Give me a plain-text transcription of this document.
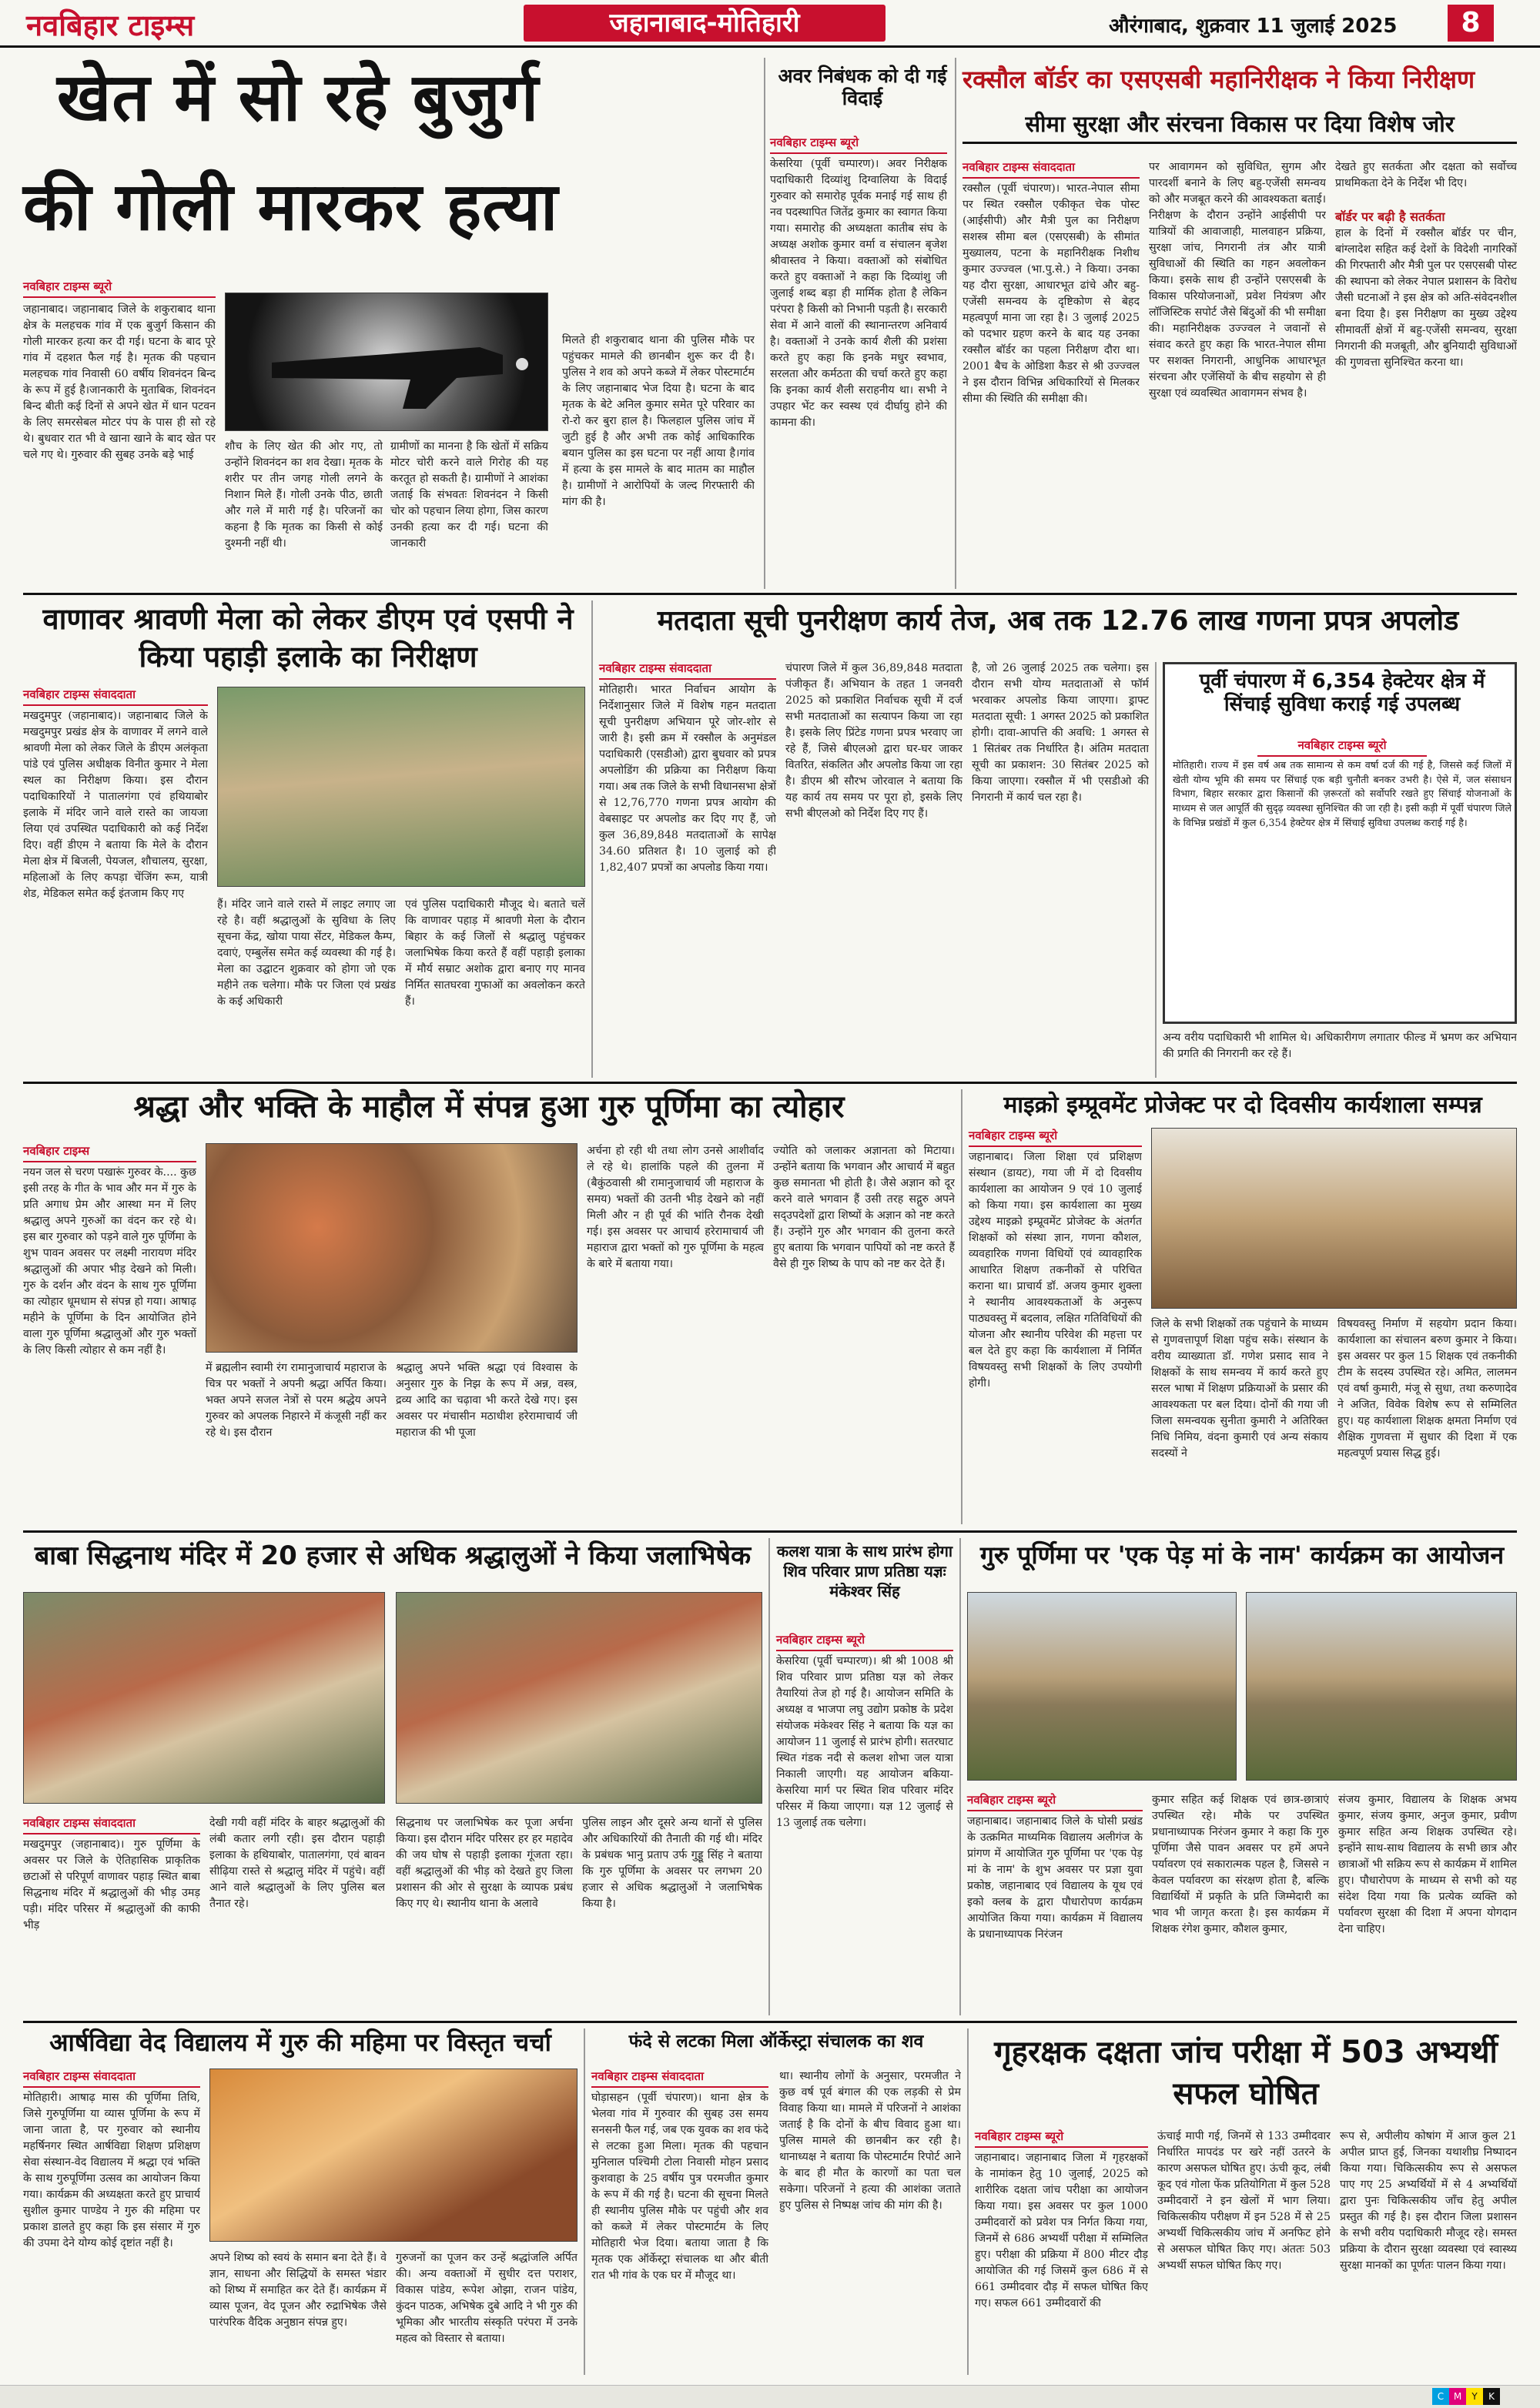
नवबिहार टाइम्स	जहानाबाद-मोतिहारी	औरंगाबाद, शुक्रवार 11 जुलाई 2025	8
खेत में सो रहे बुजुर्ग
की गोली मारकर हत्या
नवबिहार टाइम्स ब्यूरो
जहानाबाद। जहानाबाद जिले के शकुराबाद थाना क्षेत्र के मलहचक गांव में एक बुजुर्ग किसान की गोली मारकर हत्या कर दी गई। घटना के बाद पूरे गांव में दहशत फैल गई है। मृतक की पहचान मलहचक गांव निवासी 60 वर्षीय शिवनंदन बिन्द के रूप में हुई है।जानकारी के मुताबिक, शिवनंदन बिन्द बीती कई दिनों से अपने खेत में धान पटवन के लिए समरसेबल मोटर पंप के पास ही सो रहे थे। बुधवार रात भी वे खाना खाने के बाद खेत पर चले गए थे। गुरुवार की सुबह उनके बड़े भाई
शौच के लिए खेत की ओर गए, तो उन्होंने शिवनंदन का शव देखा। मृतक के शरीर पर तीन जगह गोली लगने के निशान मिले हैं। गोली उनके पीठ, छाती और गले में मारी गई है। परिजनों का कहना है कि मृतक का किसी से कोई दुश्मनी नहीं थी।
ग्रामीणों का मानना है कि खेतों में सक्रिय मोटर चोरी करने वाले गिरोह की यह करतूत हो सकती है। ग्रामीणों ने आशंका जताई कि संभवतः शिवनंदन ने किसी चोर को पहचान लिया होगा, जिस कारण उनकी हत्या कर दी गई। घटना की जानकारी
मिलते ही शकुराबाद थाना की पुलिस मौके पर पहुंचकर मामले की छानबीन शुरू कर दी है। पुलिस ने शव को अपने कब्जे में लेकर पोस्टमार्टम के लिए जहानाबाद भेज दिया है। घटना के बाद मृतक के बेटे अनिल कुमार समेत पूरे परिवार का रो-रो कर बुरा हाल है। फिलहाल पुलिस जांच में जुटी हुई है और अभी तक कोई आधिकारिक बयान पुलिस का इस घटना पर नहीं आया है।गांव में हत्या के इस मामले के बाद मातम का माहौल है। ग्रामीणों ने आरोपियों के जल्द गिरफ्तारी की मांग की है।
अवर निबंधक को दी गई विदाई
नवबिहार टाइम्स ब्यूरो
केसरिया (पूर्वी चम्पारण)। अवर निरीक्षक पदाधिकारी दिव्यांशु दिग्वालिया के विदाई गुरुवार को समारोह पूर्वक मनाई गई साथ ही नव पदस्थापित जितेंद्र कुमार का स्वागत किया गया। समारोह की अध्यक्षता कातीब संघ के अध्यक्ष अशोक कुमार वर्मा व संचालन बृजेश श्रीवास्तव ने किया। वक्ताओं को संबोधित करते हुए वक्ताओं ने कहा कि दिव्यांशु जी जुलाई शब्द बड़ा ही मार्मिक होता है लेकिन परंपरा है किसी को निभानी पड़ती है। सरकारी सेवा में आने वालों की स्थानान्तरण अनिवार्य है। वक्ताओं ने उनके कार्य शैली की प्रशंसा करते हुए कहा कि इनके मधुर स्वभाव, सरलता और कर्मठता की चर्चा करते हुए कहा कि इनका कार्य शैली सराहनीय था। सभी ने उपहार भेंट कर स्वस्थ एवं दीर्घायु होने की कामना की।
रक्सौल बॉर्डर का एसएसबी महानिरीक्षक ने किया निरीक्षण
सीमा सुरक्षा और संरचना विकास पर दिया विशेष जोर
नवबिहार टाइम्स संवाददाता
रक्सौल (पूर्वी चंपारण)। भारत-नेपाल सीमा पर स्थित रक्सौल एकीकृत चेक पोस्ट (आईसीपी) और मैत्री पुल का निरीक्षण सशस्त्र सीमा बल (एसएसबी) के सीमांत मुख्यालय, पटना के महानिरीक्षक निशीथ कुमार उज्ज्वल (भा.पु.से.) ने किया। उनका यह दौरा सुरक्षा, आधारभूत ढांचे और बहु-एजेंसी समन्वय के दृष्टिकोण से बेहद महत्वपूर्ण माना जा रहा है। 3 जुलाई 2025 को पदभार ग्रहण करने के बाद यह उनका रक्सौल बॉर्डर का पहला निरीक्षण दौरा था। 2001 बैच के ओडिशा कैडर से श्री उज्ज्वल ने इस दौरान विभिन्न अधिकारियों से मिलकर सीमा की स्थिति की समीक्षा की।
पर आवागमन को सुविधित, सुगम और पारदर्शी बनाने के लिए बहु-एजेंसी समन्वय को और मजबूत करने की आवश्यकता बताई। निरीक्षण के दौरान उन्होंने आईसीपी पर यात्रियों की आवाजाही, मालवाहन प्रक्रिया, सुरक्षा जांच, निगरानी तंत्र और यात्री सुविधाओं की स्थिति का गहन अवलोकन किया। इसके साथ ही उन्होंने एसएसबी के विकास परियोजनाओं, प्रवेश नियंत्रण और लॉजिस्टिक सपोर्ट जैसे बिंदुओं की भी समीक्षा की। महानिरीक्षक उज्ज्वल ने जवानों से संवाद करते हुए कहा कि भारत-नेपाल सीमा पर सशक्त निगरानी, आधुनिक आधारभूत संरचना और एजेंसियों के बीच सहयोग से ही सुरक्षा एवं व्यवस्थित आवागमन संभव है।
देखते हुए सतर्कता और दक्षता को सर्वोच्च प्राथमिकता देने के निर्देश भी दिए।
बॉर्डर पर बढ़ी है सतर्कता
हाल के दिनों में रक्सौल बॉर्डर पर चीन, बांग्लादेश सहित कई देशों के विदेशी नागरिकों की गिरफ्तारी और मैत्री पुल पर एसएसबी पोस्ट की स्थापना को लेकर नेपाल प्रशासन के विरोध जैसी घटनाओं ने इस क्षेत्र को अति-संवेदनशील बना दिया है। इस निरीक्षण का मुख्य उद्देश्य सीमावर्ती क्षेत्रों में बहु-एजेंसी समन्वय, सुरक्षा निगरानी की मजबूती, और बुनियादी सुविधाओं की गुणवत्ता सुनिश्चित करना था।
वाणावर श्रावणी मेला को लेकर डीएम एवं एसपी ने किया पहाड़ी इलाके का निरीक्षण
नवबिहार टाइम्स संवाददाता
मखदुमपुर (जहानाबाद)। जहानाबाद जिले के मखदुमपुर प्रखंड क्षेत्र के वाणावर में लगने वाले श्रावणी मेला को लेकर जिले के डीएम अलंकृता पांडे एवं पुलिस अधीक्षक विनीत कुमार ने मेला स्थल का निरीक्षण किया। इस दौरान पदाधिकारियों ने पातालगंगा एवं हथियाबोर इलाके में मंदिर जाने वाले रास्ते का जायजा लिया एवं उपस्थित पदाधिकारी को कई निर्देश दिए। वहीं डीएम ने बताया कि मेले के दौरान मेला क्षेत्र में बिजली, पेयजल, शौचालय, सुरक्षा, महिलाओं के लिए कपड़ा चेंजिंग रूम, यात्री शेड, मेडिकल समेत कई इंतजाम किए गए
हैं। मंदिर जाने वाले रास्ते में लाइट लगाए जा रहे है। वहीं श्रद्धालुओं के सुविधा के लिए सूचना केंद्र, खोया पाया सेंटर, मेडिकल कैम्प, दवाएं, एम्बुलेंस समेत कई व्यवस्था की गई है। मेला का उद्घाटन शुक्रवार को होगा जो एक महीने तक चलेगा। मौके पर जिला एवं प्रखंड के कई अधिकारी
एवं पुलिस पदाधिकारी मौजूद थे। बताते चलें कि वाणावर पहाड़ में श्रावणी मेला के दौरान बिहार के कई जिलों से श्रद्धालु पहुंचकर जलाभिषेक किया करते हैं वहीं पहाड़ी इलाका में मौर्य सम्राट अशोक द्वारा बनाए गए मानव निर्मित सातघरवा गुफाओं का अवलोकन करते हैं।
मतदाता सूची पुनरीक्षण कार्य तेज, अब तक 12.76 लाख गणना प्रपत्र अपलोड
नवबिहार टाइम्स संवाददाता
मोतिहारी। भारत निर्वाचन आयोग के निर्देशानुसार जिले में विशेष गहन मतदाता सूची पुनरीक्षण अभियान पूरे जोर-शोर से जारी है। इसी क्रम में रक्सौल के अनुमंडल पदाधिकारी (एसडीओ) द्वारा बुधवार को प्रपत्र अपलोडिंग की प्रक्रिया का निरीक्षण किया गया। अब तक जिले के सभी विधानसभा क्षेत्रों से 12,76,770 गणना प्रपत्र आयोग की वेबसाइट पर अपलोड कर दिए गए हैं, जो कुल 36,89,848 मतदाताओं के सापेक्ष 34.60 प्रतिशत है। 10 जुलाई को ही 1,82,407 प्रपत्रों का अपलोड किया गया।
चंपारण जिले में कुल 36,89,848 मतदाता पंजीकृत हैं। अभियान के तहत 1 जनवरी 2025 को प्रकाशित निर्वाचक सूची में दर्ज सभी मतदाताओं का सत्यापन किया जा रहा है। इसके लिए प्रिंटेड गणना प्रपत्र भरवाए जा रहे हैं, जिसे बीएलओ द्वारा घर-घर जाकर वितरित, संकलित और अपलोड किया जा रहा है। डीएम श्री सौरभ जोरवाल ने बताया कि यह कार्य तय समय पर पूरा हो, इसके लिए सभी बीएलओ को निर्देश दिए गए हैं।
है, जो 26 जुलाई 2025 तक चलेगा। इस दौरान सभी योग्य मतदाताओं से फॉर्म भरवाकर अपलोड किया जाएगा। ड्राफ्ट मतदाता सूची: 1 अगस्त 2025 को प्रकाशित होगी। दावा-आपत्ति की अवधि: 1 अगस्त से 1 सितंबर तक निर्धारित है। अंतिम मतदाता सूची का प्रकाशन: 30 सितंबर 2025 को किया जाएगा। रक्सौल में भी एसडीओ की निगरानी में कार्य चल रहा है।
पूर्वी चंपारण में 6,354 हेक्टेयर क्षेत्र में सिंचाई सुविधा कराई गई उपलब्ध
नवबिहार टाइम्स ब्यूरो
मोतिहारी। राज्य में इस वर्ष अब तक सामान्य से कम वर्षा दर्ज की गई है, जिससे कई जिलों में खेती योग्य भूमि की समय पर सिंचाई एक बड़ी चुनौती बनकर उभरी है। ऐसे में, जल संसाधन विभाग, बिहार सरकार द्वारा किसानों की ज़रूरतों को सर्वोपरि रखते हुए सिंचाई योजनाओं के माध्यम से जल आपूर्ति की सुदृढ़ व्यवस्था सुनिश्चित की जा रही है। इसी कड़ी में पूर्वी चंपारण जिले के विभिन्न प्रखंडों में कुल 6,354 हेक्टेयर क्षेत्र में सिंचाई सुविधा उपलब्ध कराई गई है।
अन्य वरीय पदाधिकारी भी शामिल थे। अधिकारीगण लगातार फील्ड में भ्रमण कर अभियान की प्रगति की निगरानी कर रहे हैं।
श्रद्धा और भक्ति के माहौल में संपन्न हुआ गुरु पूर्णिमा का त्योहार
नवबिहार टाइम्स
नयन जल से चरण पखारूं गुरुवर के.... कुछ इसी तरह के गीत के भाव और मन में गुरु के प्रति अगाध प्रेम और आस्था मन में लिए श्रद्धालु अपने गुरुओं का वंदन कर रहे थे। इस बार गुरुवार को पड़ने वाले गुरु पूर्णिमा के शुभ पावन अवसर पर लक्ष्मी नारायण मंदिर श्रद्धालुओं की अपार भीड़ देखने को मिली। गुरु के दर्शन और वंदन के साथ गुरु पूर्णिमा का त्योहार धूमधाम से संपन्न हो गया। आषाढ़ महीने के पूर्णिमा के दिन आयोजित होने वाला गुरु पूर्णिमा श्रद्धालुओं और गुरु भक्तों के लिए किसी त्योहार से कम नहीं है।
में ब्रह्मलीन स्वामी रंग रामानुजाचार्य महाराज के चित्र पर भक्तों ने अपनी श्रद्धा अर्पित किया। भक्त अपने सजल नेत्रों से परम श्रद्धेय अपने गुरुवर को अपलक निहारने में कंजूसी नहीं कर रहे थे। इस दौरान
श्रद्धालु अपने भक्ति श्रद्धा एवं विश्वास के अनुसार गुरु के निझ के रूप में अन्न, वस्त्र, द्रव्य आदि का चढ़ावा भी करते देखे गए। इस अवसर पर मंचासीन मठाधीश हरेरामाचार्य जी महाराज की भी पूजा
अर्चना हो रही थी तथा लोग उनसे आशीर्वाद ले रहे थे। हालांकि पहले की तुलना में (बैकुंठवासी श्री रामानुजाचार्य जी महाराज के समय) भक्तों की उतनी भीड़ देखने को नहीं मिली और न ही पूर्व की भांति रौनक देखी गई। इस अवसर पर आचार्य हरेरामाचार्य जी महाराज द्वारा भक्तों को गुरु पूर्णिमा के महत्व के बारे में बताया गया।
ज्योति को जलाकर अज्ञानता को मिटाया। उन्होंने बताया कि भगवान और आचार्य में बहुत कुछ समानता भी होती है। जैसे अज्ञान को दूर करने वाले भगवान हैं उसी तरह सद्गुरु अपने सद्उपदेशों द्वारा शिष्यों के अज्ञान को नष्ट करते हैं। उन्होंने गुरु और भगवान की तुलना करते हुए बताया कि भगवान पापियों को नष्ट करते हैं वैसे ही गुरु शिष्य के पाप को नष्ट कर देते हैं।
माइक्रो इम्प्रूवमेंट प्रोजेक्ट पर दो दिवसीय कार्यशाला सम्पन्न
नवबिहार टाइम्स ब्यूरो
जहानाबाद। जिला शिक्षा एवं प्रशिक्षण संस्थान (डायट), गया जी में दो दिवसीय कार्यशाला का आयोजन 9 एवं 10 जुलाई को किया गया। इस कार्यशाला का मुख्य उद्देश्य माइक्रो इम्प्रूवमेंट प्रोजेक्ट के अंतर्गत शिक्षकों को संस्था ज्ञान, गणना कौशल, व्यवहारिक गणना विधियों एवं व्यावहारिक आधारित शिक्षण तकनीकों से परिचित कराना था। प्राचार्य डॉ. अजय कुमार शुक्ला ने स्थानीय आवश्यकताओं के अनुरूप पाठ्यवस्तु में बदलाव, लक्षित गतिविधियों की योजना और स्थानीय परिवेश की महत्ता पर बल देते हुए कहा कि कार्यशाला में निर्मित विषयवस्तु सभी शिक्षकों के लिए उपयोगी होगी।
जिले के सभी शिक्षकों तक पहुंचाने के माध्यम से गुणवत्तापूर्ण शिक्षा पहुंच सके। संस्थान के वरीय व्याख्याता डॉ. गणेश प्रसाद साव ने शिक्षकों के साथ समन्वय में कार्य करते हुए सरल भाषा में शिक्षण प्रक्रियाओं के प्रसार की आवश्यकता पर बल दिया। दोनों की गया जी जिला समन्वयक सुनीता कुमारी ने अतिरिक्त निधि निमिय, वंदना कुमारी एवं अन्य संकाय सदस्यों ने
विषयवस्तु निर्माण में सहयोग प्रदान किया। कार्यशाला का संचालन बरुण कुमार ने किया। इस अवसर पर कुल 15 शिक्षक एवं तकनीकी टीम के सदस्य उपस्थित रहे। अमित, लालमन एवं वर्षा कुमारी, मंजू से सुधा, तथा करुणादेव ने अजित, विवेक विशेष रूप से सम्मिलित हुए। यह कार्यशाला शिक्षक क्षमता निर्माण एवं शैक्षिक गुणवत्ता में सुधार की दिशा में एक महत्वपूर्ण प्रयास सिद्ध हुई।
बाबा सिद्धनाथ मंदिर में 20 हजार से अधिक श्रद्धालुओं ने किया जलाभिषेक
नवबिहार टाइम्स संवाददाता
मखदुमपुर (जहानाबाद)। गुरु पूर्णिमा के अवसर पर जिले के ऐतिहासिक प्राकृतिक छटाओं से परिपूर्ण वाणावर पहाड़ स्थित बाबा सिद्धनाथ मंदिर में श्रद्धालुओं की भीड़ उमड़ पड़ी। मंदिर परिसर में श्रद्धालुओं की काफी भीड़
देखी गयी वहीं मंदिर के बाहर श्रद्धालुओं की लंबी कतार लगी रही। इस दौरान पहाड़ी इलाका के हथियाबोर, पातालगंगा, एवं बावन सीढ़िया रास्ते से श्रद्धालु मंदिर में पहुंचे। वहीं आने वाले श्रद्धालुओं के लिए पुलिस बल तैनात रहे।
सिद्धनाथ पर जलाभिषेक कर पूजा अर्चना किया। इस दौरान मंदिर परिसर हर हर महादेव की जय घोष से पहाड़ी इलाका गूंजता रहा। वहीं श्रद्धालुओं की भीड़ को देखते हुए जिला प्रशासन की ओर से सुरक्षा के व्यापक प्रबंध किए गए थे। स्थानीय थाना के अलावे
पुलिस लाइन और दूसरे अन्य थानों से पुलिस और अधिकारियों की तैनाती की गई थी। मंदिर के प्रबंधक भानु प्रताप उर्फ गुड्डू सिंह ने बताया कि गुरु पूर्णिमा के अवसर पर लगभग 20 हजार से अधिक श्रद्धालुओं ने जलाभिषेक किया है।
कलश यात्रा के साथ प्रारंभ होगा शिव परिवार प्राण प्रतिष्ठा यज्ञः मंकेश्वर सिंह
नवबिहार टाइम्स ब्यूरो
केसरिया (पूर्वी चम्पारण)। श्री श्री 1008 श्री शिव परिवार प्राण प्रतिष्ठा यज्ञ को लेकर तैयारियां तेज हो गई है। आयोजन समिति के अध्यक्ष व भाजपा लघु उद्योग प्रकोष्ठ के प्रदेश संयोजक मंकेश्वर सिंह ने बताया कि यज्ञ का आयोजन 11 जुलाई से प्रारंभ होगी। सतरघाट स्थित गंडक नदी से कलश शोभा जल यात्रा निकाली जाएगी। यह आयोजन बकिया-केसरिया मार्ग पर स्थित शिव परिवार मंदिर परिसर में किया जाएगा। यज्ञ 12 जुलाई से 13 जुलाई तक चलेगा।
गुरु पूर्णिमा पर 'एक पेड़ मां के नाम' कार्यक्रम का आयोजन
नवबिहार टाइम्स ब्यूरो
जहानाबाद। जहानाबाद जिले के घोसी प्रखंड के उत्क्रमित माध्यमिक विद्यालय अलीगंज के प्रांगण में आयोजित गुरु पूर्णिमा पर 'एक पेड़ मां के नाम' के शुभ अवसर पर प्रज्ञा युवा प्रकोष्ठ, जहानाबाद एवं विद्यालय के यूथ एवं इको क्लब के द्वारा पौधारोपण कार्यक्रम आयोजित किया गया। कार्यक्रम में विद्यालय के प्रधानाध्यापक निरंजन
कुमार सहित कई शिक्षक एवं छात्र-छात्राएं उपस्थित रहे। मौके पर उपस्थित प्रधानाध्यापक निरंजन कुमार ने कहा कि गुरु पूर्णिमा जैसे पावन अवसर पर हमें अपने पर्यावरण एवं सकारात्मक पहल है, जिससे न केवल पर्यावरण का संरक्षण होता है, बल्कि विद्यार्थियों में प्रकृति के प्रति जिम्मेदारी का भाव भी जागृत करता है। इस कार्यक्रम में शिक्षक रंगेश कुमार, कौशल कुमार,
संजय कुमार, विद्यालय के शिक्षक अभय कुमार, संजय कुमार, अनुज कुमार, प्रवीण कुमार सहित अन्य शिक्षक उपस्थित रहे। इन्होंने साथ-साथ विद्यालय के सभी छात्र और छात्राओं भी सक्रिय रूप से कार्यक्रम में शामिल हुए। पौधारोपण के माध्यम से सभी को यह संदेश दिया गया कि प्रत्येक व्यक्ति को पर्यावरण सुरक्षा की दिशा में अपना योगदान देना चाहिए।
आर्षविद्या वेद विद्यालय में गुरु की महिमा पर विस्तृत चर्चा
नवबिहार टाइम्स संवाददाता
मोतिहारी। आषाढ़ मास की पूर्णिमा तिथि, जिसे गुरुपूर्णिमा या व्यास पूर्णिमा के रूप में जाना जाता है, पर गुरुवार को स्थानीय महर्षिनगर स्थित आर्षविद्या शिक्षण प्रशिक्षण सेवा संस्थान-वेद विद्यालय में श्रद्धा एवं भक्ति के साथ गुरुपूर्णिमा उत्सव का आयोजन किया गया। कार्यक्रम की अध्यक्षता करते हुए प्राचार्य सुशील कुमार पाण्डेय ने गुरु की महिमा पर प्रकाश डालते हुए कहा कि इस संसार में गुरु की उपमा देने योग्य कोई दृष्टांत नहीं है।
अपने शिष्य को स्वयं के समान बना देते हैं। वे ज्ञान, साधना और सिद्धियों के समस्त भंडार को शिष्य में समाहित कर देते हैं। कार्यक्रम में व्यास पूजन, वेद पूजन और रुद्राभिषेक जैसे पारंपरिक वैदिक अनुष्ठान संपन्न हुए।
गुरुजनों का पूजन कर उन्हें श्रद्धांजलि अर्पित की। अन्य वक्ताओं में सुधीर दत्त पराशर, विकास पांडेय, रूपेश ओझा, राजन पांडेय, कुंदन पाठक, अभिषेक दुबे आदि ने भी गुरु की भूमिका और भारतीय संस्कृति परंपरा में उनके महत्व को विस्तार से बताया।
फंदे से लटका मिला ऑर्केस्ट्रा संचालक का शव
नवबिहार टाइम्स संवाददाता
घोड़ासहन (पूर्वी चंपारण)। थाना क्षेत्र के भेलवा गांव में गुरुवार की सुबह उस समय सनसनी फैल गई, जब एक युवक का शव फंदे से लटका हुआ मिला। मृतक की पहचान मुनिलाल पश्चिमी टोला निवासी मोहन प्रसाद कुशवाहा के 25 वर्षीय पुत्र परमजीत कुमार के रूप में की गई है। घटना की सूचना मिलते ही स्थानीय पुलिस मौके पर पहुंची और शव को कब्जे में लेकर पोस्टमार्टम के लिए मोतिहारी भेज दिया। बताया जाता है कि मृतक एक ऑर्केस्ट्रा संचालक था और बीती रात भी गांव के एक घर में मौजूद था।
था। स्थानीय लोगों के अनुसार, परमजीत ने कुछ वर्ष पूर्व बंगाल की एक लड़की से प्रेम विवाह किया था। मामले में परिजनों ने आशंका जताई है कि दोनों के बीच विवाद हुआ था। पुलिस मामले की छानबीन कर रही है। थानाध्यक्ष ने बताया कि पोस्टमार्टम रिपोर्ट आने के बाद ही मौत के कारणों का पता चल सकेगा। परिजनों ने हत्या की आशंका जताते हुए पुलिस से निष्पक्ष जांच की मांग की है।
गृहरक्षक दक्षता जांच परीक्षा में 503 अभ्यर्थी सफल घोषित
नवबिहार टाइम्स ब्यूरो
जहानाबाद। जहानाबाद जिला में गृहरक्षकों के नामांकन हेतु 10 जुलाई, 2025 को शारीरिक दक्षता जांच परीक्षा का आयोजन किया गया। इस अवसर पर कुल 1000 उम्मीदवारों को प्रवेश पत्र निर्गत किया गया, जिनमें से 686 अभ्यर्थी परीक्षा में सम्मिलित हुए। परीक्षा की प्रक्रिया में 800 मीटर दौड़ आयोजित की गई जिसमें कुल 686 में से 661 उम्मीदवार दौड़ में सफल घोषित किए गए। सफल 661 उम्मीदवारों की
ऊंचाई मापी गई, जिनमें से 133 उम्मीदवार निर्धारित मापदंड पर खरे नहीं उतरने के कारण असफल घोषित हुए। ऊंची कूद, लंबी कूद एवं गोला फेंक प्रतियोगिता में कुल 528 उम्मीदवारों ने इन खेलों में भाग लिया। चिकित्सकीय परीक्षण में इन 528 में से 25 अभ्यर्थी चिकित्सकीय जांच में अनफिट होने से असफल घोषित किए गए। अंततः 503 अभ्यर्थी सफल घोषित किए गए।
रूप से, अपीलीय कोषांग में आज कुल 21 अपील प्राप्त हुई, जिनका यथाशीघ्र निष्पादन किया गया। चिकित्सकीय रूप से असफल पाए गए 25 अभ्यर्थियों में से 4 अभ्यर्थियों द्वारा पुनः चिकित्सकीय जाँच हेतु अपील प्रस्तुत की गई है। इस दौरान जिला प्रशासन के सभी वरीय पदाधिकारी मौजूद रहे। समस्त प्रक्रिया के दौरान सुरक्षा व्यवस्था एवं स्वास्थ्य सुरक्षा मानकों का पूर्णतः पालन किया गया।
C	M	Y	K
